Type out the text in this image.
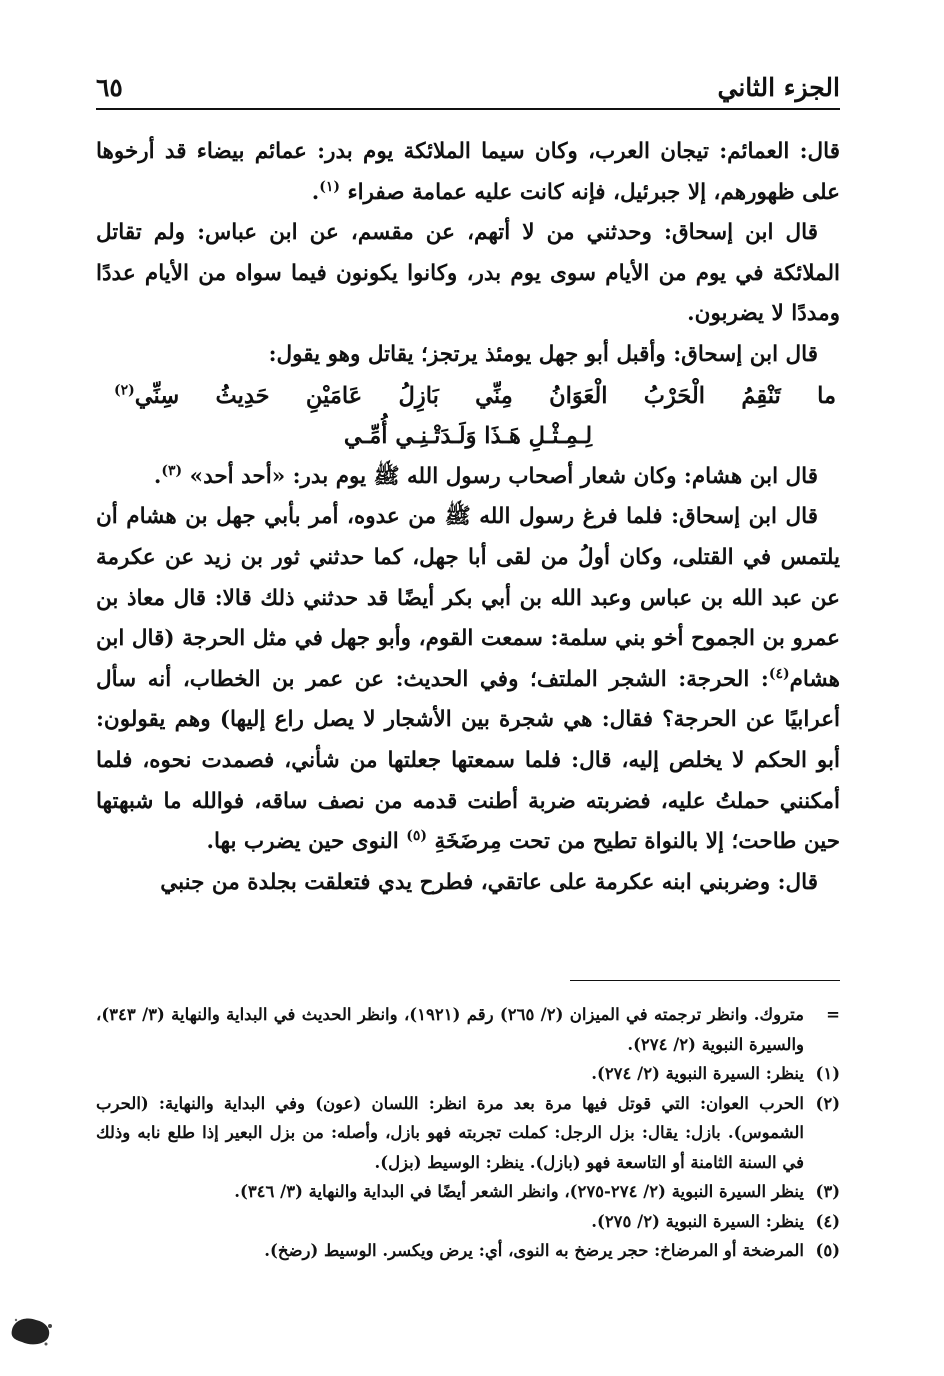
الجزء الثاني
٦٥

قال: العمائم: تيجان العرب، وكان سيما الملائكة يوم بدر: عمائم بيضاء قد أرخوها على ظهورهم، إلا جبرئيل، فإنه كانت عليه عمامة صفراء $^{(١)}$.

قال ابن إسحاق: وحدثني من لا أتهم، عن مقسم، عن ابن عباس: ولم تقاتل الملائكة في يوم من الأيام سوى يوم بدر، وكانوا يكونون فيما سواه من الأيام عددًا ومددًا لا يضربون.

قال ابن إسحاق: وأقبل أبو جهل يومئذ يرتجز؛ يقاتل وهو يقول:

ما تَنْقِمُ الْحَرْبُ الْعَوَانُ مِنِّي بَازِلُ عَامَيْنِ حَدِيثُ سِنِّي$^{(٢)}$
لِـمِـثْـلِ هَـذَا وَلَـدَتْـنِـي أُمِّـي

قال ابن هشام: وكان شعار أصحاب رسول الله ﷺ يوم بدر: «أحد أحد» $^{(٣)}$.

قال ابن إسحاق: فلما فرغ رسول الله ﷺ من عدوه، أمر بأبي جهل بن هشام أن يلتمس في القتلى، وكان أولُ من لقى أبا جهل، كما حدثني ثور بن زيد عن عكرمة عن عبد الله بن عباس وعبد الله بن أبي بكر أيضًا قد حدثني ذلك قالا: قال معاذ بن عمرو بن الجموح أخو بني سلمة: سمعت القوم، وأبو جهل في مثل الحرجة (قال ابن هشام$^{(٤)}$: الحرجة: الشجر الملتف؛ وفي الحديث: عن عمر بن الخطاب، أنه سأل أعرابيًا عن الحرجة؟ فقال: هي شجرة بين الأشجار لا يصل راع إليها) وهم يقولون: أبو الحكم لا يخلص إليه، قال: فلما سمعتها جعلتها من شأني، فصمدت نحوه، فلما أمكنني حملتُ عليه، فضربته ضربة أطنت قدمه من نصف ساقه، فوالله ما شبهتها حين طاحت؛ إلا بالنواة تطيح من تحت مِرضَخَةِ $^{(٥)}$ النوى حين يضرب بها.

قال: وضربني ابنه عكرمة على عاتقي، فطرح يدي فتعلقت بجلدة من جنبي

=
متروك. وانظر ترجمته في الميزان (٢/ ٢٦٥) رقم (١٩٢١)، وانظر الحديث في البداية والنهاية (٣/ ٣٤٣)، والسيرة النبوية (٢/ ٢٧٤).
(١)
ينظر: السيرة النبوية (٢/ ٢٧٤).
(٢)
الحرب العوان: التي قوتل فيها مرة بعد مرة انظر: اللسان (عون) وفي البداية والنهاية: (الحرب الشموس). بازل: يقال: بزل الرجل: كملت تجربته فهو بازل، وأصله: من بزل البعير إذا طلع نابه وذلك في السنة الثامنة أو التاسعة فهو (بازل). ينظر: الوسيط (بزل).
(٣)
ينظر السيرة النبوية (٢/ ٢٧٤-٢٧٥)، وانظر الشعر أيضًا في البداية والنهاية (٣/ ٣٤٦).
(٤)
ينظر: السيرة النبوية (٢/ ٢٧٥).
(٥)
المرضخة أو المرضاخ: حجر يرضخ به النوى، أي: يرض ويكسر. الوسيط (رضخ).
